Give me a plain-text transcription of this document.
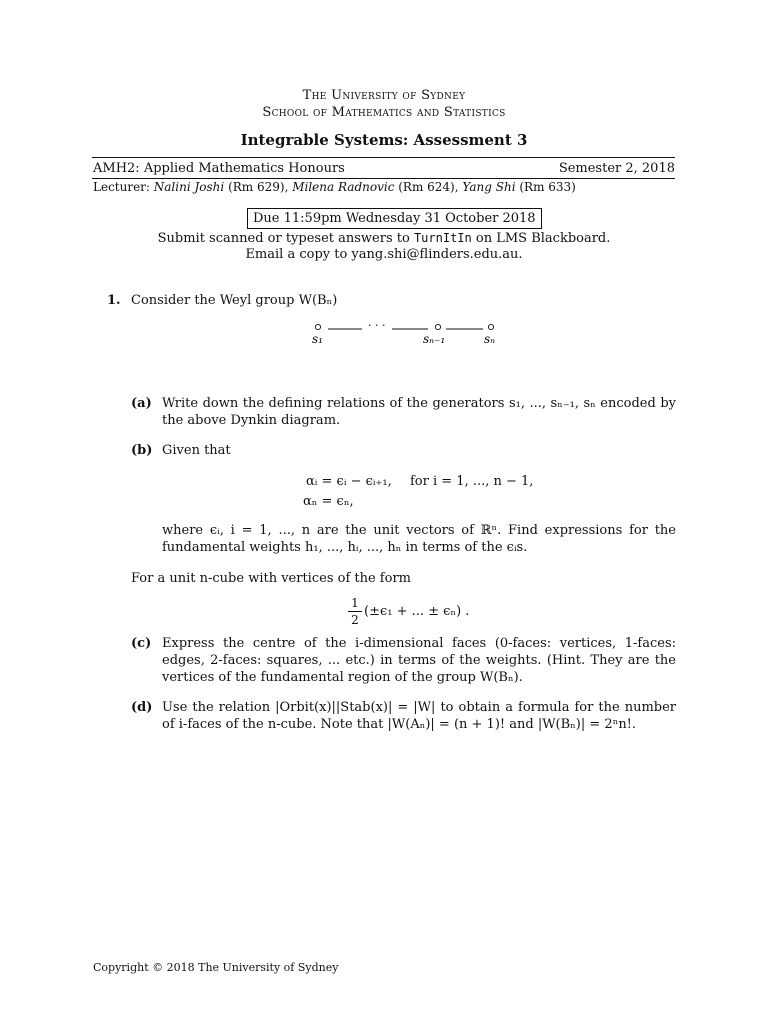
The University of Sydney
School of Mathematics and Statistics
Integrable Systems: Assessment 3
AMH2: Applied Mathematics Honours	Semester 2, 2018
Lecturer: Nalini Joshi (Rm 629), Milena Radnovic (Rm 624), Yang Shi (Rm 633)
Due 11:59pm Wednesday 31 October 2018
Submit scanned or typeset answers to TurnItIn on LMS Blackboard.
Email a copy to yang.shi@flinders.edu.au.
1. Consider the Weyl group W(Bₙ)
· · ·
s₁	sₙ₋₁	sₙ
(a) Write down the defining relations of the generators s₁, ..., sₙ₋₁, sₙ encoded by the above Dynkin diagram.
(b) Given that
αᵢ = ϵᵢ − ϵᵢ₊₁, for i = 1, ..., n − 1,
αₙ = ϵₙ,
where ϵᵢ, i = 1, ..., n are the unit vectors of ℝⁿ. Find expressions for the fundamental weights h₁, ..., hᵢ, ..., hₙ in terms of the ϵᵢs.
For a unit n-cube with vertices of the form
1
2
(±ϵ₁ + ... ± ϵₙ) .
(c) Express the centre of the i-dimensional faces (0-faces: vertices, 1-faces: edges, 2-faces: squares, ... etc.) in terms of the weights. (Hint. They are the vertices of the fundamental region of the group W(Bₙ).
(d) Use the relation |Orbit(x)||Stab(x)| = |W| to obtain a formula for the number of i-faces of the n-cube. Note that |W(Aₙ)| = (n + 1)! and |W(Bₙ)| = 2ⁿn!.
Copyright © 2018 The University of Sydney
